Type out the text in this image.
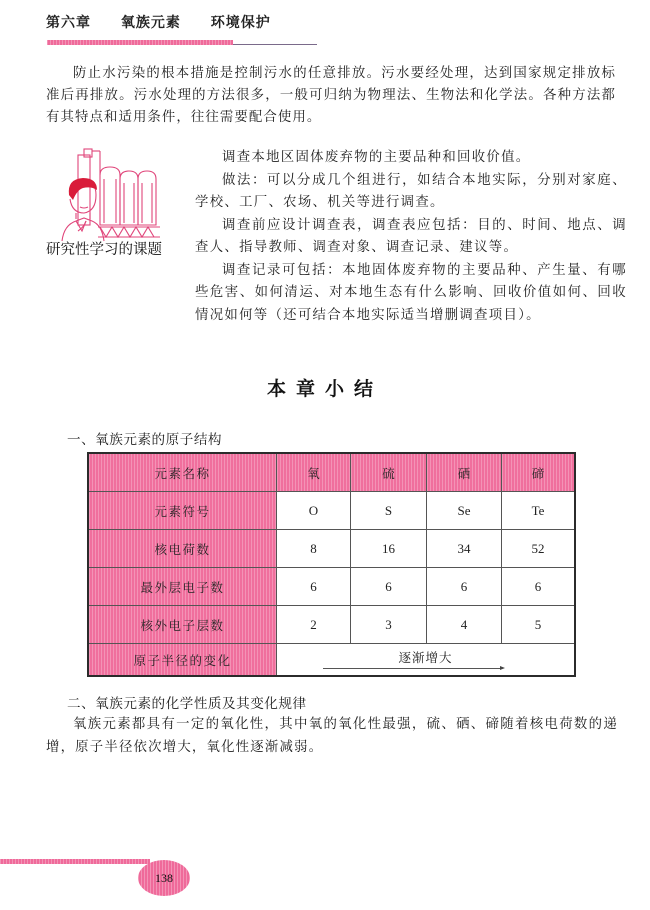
第六章 氧族元素 环境保护
防止水污染的根本措施是控制污水的任意排放。污水要经处理，达到国家规定排放标准后再排放。污水处理的方法很多，一般可归纳为物理法、生物法和化学法。各种方法都有其特点和适用条件，往往需要配合使用。
研究性学习的课题

调查本地区固体废弃物的主要品种和回收价值。

做法：可以分成几个组进行，如结合本地实际，分别对家庭、学校、工厂、农场、机关等进行调查。

调查前应设计调查表，调查表应包括：目的、时间、地点、调查人、指导教师、调查对象、调查记录、建议等。

调查记录可包括：本地固体废弃物的主要品种、产生量、有哪些危害、如何清运、对本地生态有什么影响、回收价值如何、回收情况如何等（还可结合本地实际适当增删调查项目）。

本章小结
一、氧族元素的原子结构
元素名称	氧	硫	硒	碲
元素符号	O	S	Se	Te
核电荷数	8	16	34	52
最外层电子数	6	6	6	6
核外电子层数	2	3	4	5
原子半径的变化	逐渐增大
二、氧族元素的化学性质及其变化规律
氧族元素都具有一定的氧化性，其中氧的氧化性最强，硫、硒、碲随着核电荷数的递增，原子半径依次增大，氧化性逐渐减弱。
138
